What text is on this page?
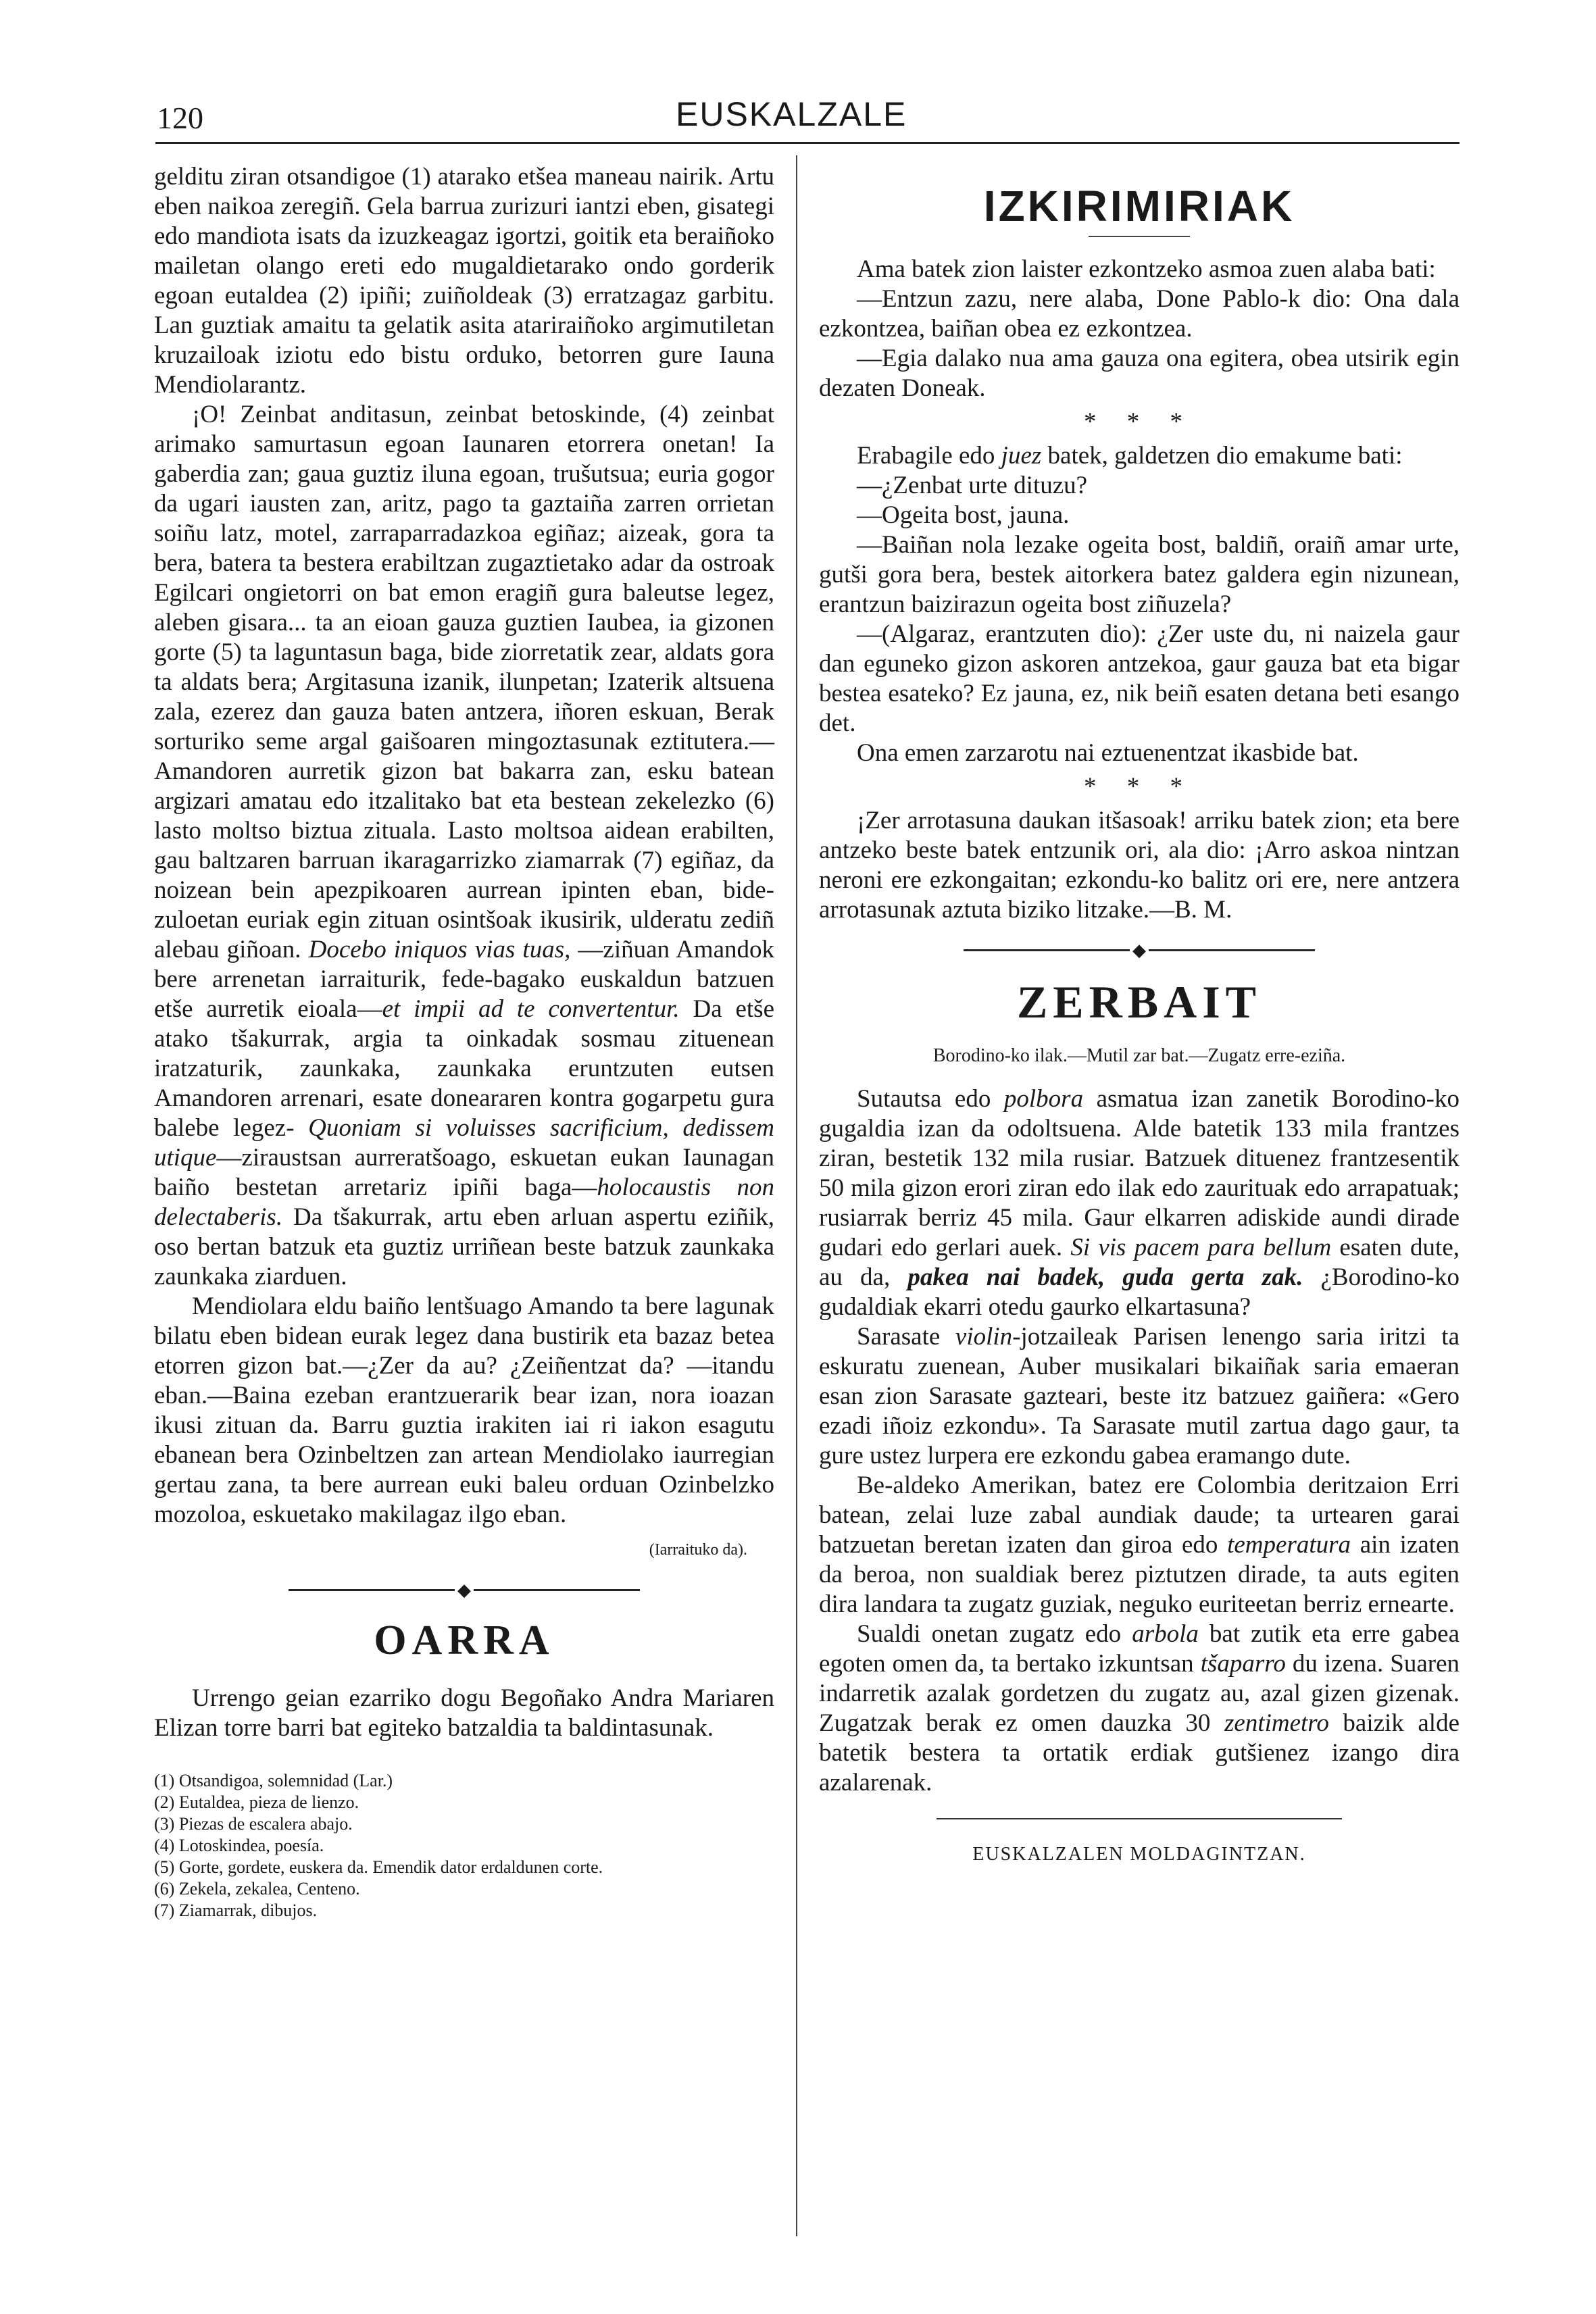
120	EUSKALZALE

gelditu ziran otsandigoe (1) atarako etšea maneau nairik. Artu eben naikoa zeregiñ. Gela barrua zurizuri iantzi eben, gisategi edo mandiota isats da izuzkeagaz igortzi, goitik eta beraiñoko mailetan olango ereti edo mugaldietarako ondo gorderik egoan eutaldea (2) ipiñi; zuiñoldeak (3) erratzagaz garbitu. Lan guztiak amaitu ta gelatik asita atariraiñoko argimutiletan kruzailoak iziotu edo bistu orduko, betorren gure Iauna Mendiolarantz.

¡O! Zeinbat anditasun, zeinbat betoskinde, (4) zeinbat arimako samurtasun egoan Iaunaren etorrera onetan! Ia gaberdia zan; gaua guztiz iluna egoan, trušutsua; euria gogor da ugari iausten zan, aritz, pago ta gaztaiña zarren orrietan soiñu latz, motel, zarraparradazkoa egiñaz; aizeak, gora ta bera, batera ta bestera erabiltzan zugaztietako adar da ostroak Egilcari ongietorri on bat emon eragiñ gura baleutse legez, aleben gisara... ta an eioan gauza guztien Iaubea, ia gizonen gorte (5) ta laguntasun baga, bide ziorretatik zear, aldats gora ta aldats bera; Argitasuna izanik, ilunpetan; Izaterik altsuena zala, ezerez dan gauza baten antzera, iñoren eskuan, Berak sorturiko seme argal gaišoaren mingoztasunak eztitutera.—Amandoren aurretik gizon bat bakarra zan, esku batean argizari amatau edo itzalitako bat eta bestean zekelezko (6) lasto moltso biztua zituala. Lasto moltsoa aidean erabilten, gau baltzaren barruan ikaragarrizko ziamarrak (7) egiñaz, da noizean bein apezpikoaren aurrean ipinten eban, bide-zuloetan euriak egin zituan osintšoak ikusirik, ulderatu zediñ alebau giñoan. Docebo iniquos vias tuas, —ziñuan Amandok bere arrenetan iarraiturik, fede-bagako euskaldun batzuen etše aurretik eioala—et impii ad te convertentur. Da etše atako tšakurrak, argia ta oinkadak sosmau zituenean iratzaturik, zaunkaka, zaunkaka eruntzuten eutsen Amandoren arrenari, esate doneararen kontra gogarpetu gura balebe legez- Quoniam si voluisses sacrificium, dedissem utique—ziraustsan aurreratšoago, eskuetan eukan Iaunagan baiño bestetan arretariz ipiñi baga—holocaustis non delectaberis. Da tšakurrak, artu eben arluan aspertu eziñik, oso bertan batzuk eta guztiz urriñean beste batzuk zaunkaka zaunkaka ziarduen.

Mendiolara eldu baiño lentšuago Amando ta bere lagunak bilatu eben bidean eurak legez dana bustirik eta bazaz betea etorren gizon bat.—¿Zer da au? ¿Zeiñentzat da? —itandu eban.—Baina ezeban erantzuerarik bear izan, nora ioazan ikusi zituan da. Barru guztia irakiten iai ri iakon esagutu ebanean bera Ozinbeltzen zan artean Mendiolako iaurregian gertau zana, ta bere aurrean euki baleu orduan Ozinbelzko mozoloa, eskuetako makilagaz ilgo eban.

(Iarraituko da).
◆
OARRA

Urrengo geian ezarriko dogu Begoñako Andra Mariaren Elizan torre barri bat egiteko batzaldia ta baldintasunak.

(1) Otsandigoa, solemnidad (Lar.)
(2) Eutaldea, pieza de lienzo.
(3) Piezas de escalera abajo.
(4) Lotoskindea, poesía.
(5) Gorte, gordete, euskera da. Emendik dator erdaldunen corte.
(6) Zekela, zekalea, Centeno.
(7) Ziamarrak, dibujos.
IZKIRIMIRIAK

Ama batek zion laister ezkontzeko asmoa zuen alaba bati:

—Entzun zazu, nere alaba, Done Pablo-k dio: Ona dala ezkontzea, baiñan obea ez ezkontzea.

—Egia dalako nua ama gauza ona egitera, obea utsirik egin dezaten Doneak.

* * *

Erabagile edo juez batek, galdetzen dio emakume bati:

—¿Zenbat urte dituzu?

—Ogeita bost, jauna.

—Baiñan nola lezake ogeita bost, baldiñ, oraiñ amar urte, gutši gora bera, bestek aitorkera batez galdera egin nizunean, erantzun baizirazun ogeita bost ziñuzela?

—(Algaraz, erantzuten dio): ¿Zer uste du, ni naizela gaur dan eguneko gizon askoren antzekoa, gaur gauza bat eta bigar bestea esateko? Ez jauna, ez, nik beiñ esaten detana beti esango det.

Ona emen zarzarotu nai eztuenentzat ikasbide bat.

* * *

¡Zer arrotasuna daukan itšasoak! arriku batek zion; eta bere antzeko beste batek entzunik ori, ala dio: ¡Arro askoa nintzan neroni ere ezkongaitan; ezkondu-ko balitz ori ere, nere antzera arrotasunak aztuta biziko litzake.—B. M.

◆
ZERBAIT
Borodino-ko ilak.—Mutil zar bat.—Zugatz erre-eziña.

Sutautsa edo polbora asmatua izan zanetik Borodino-ko gugaldia izan da odoltsuena. Alde batetik 133 mila frantzes ziran, bestetik 132 mila rusiar. Batzuek dituenez frantzesentik 50 mila gizon erori ziran edo ilak edo zaurituak edo arrapatuak; rusiarrak berriz 45 mila. Gaur elkarren adiskide aundi dirade gudari edo gerlari auek. Si vis pacem para bellum esaten dute, au da, pakea nai badek, guda gerta zak. ¿Borodino-ko gudaldiak ekarri otedu gaurko elkartasuna?

Sarasate violin-jotzaileak Parisen lenengo saria iritzi ta eskuratu zuenean, Auber musikalari bikaiñak saria emaeran esan zion Sarasate gazteari, beste itz batzuez gaiñera: «Gero ezadi iñoiz ezkondu». Ta Sarasate mutil zartua dago gaur, ta gure ustez lurpera ere ezkondu gabea eramango dute.

Be-aldeko Amerikan, batez ere Colombia deritzaion Erri batean, zelai luze zabal aundiak daude; ta urtearen garai batzuetan beretan izaten dan giroa edo temperatura ain izaten da beroa, non sualdiak berez piztutzen dirade, ta auts egiten dira landara ta zugatz guziak, neguko euriteetan berriz ernearte.

Sualdi onetan zugatz edo arbola bat zutik eta erre gabea egoten omen da, ta bertako izkuntsan tšaparro du izena. Suaren indarretik azalak gordetzen du zugatz au, azal gizen gizenak. Zugatzak berak ez omen dauzka 30 zentimetro baizik alde batetik bestera ta ortatik erdiak gutšienez izango dira azalarenak.

EUSKALZALEN MOLDAGINTZAN.
